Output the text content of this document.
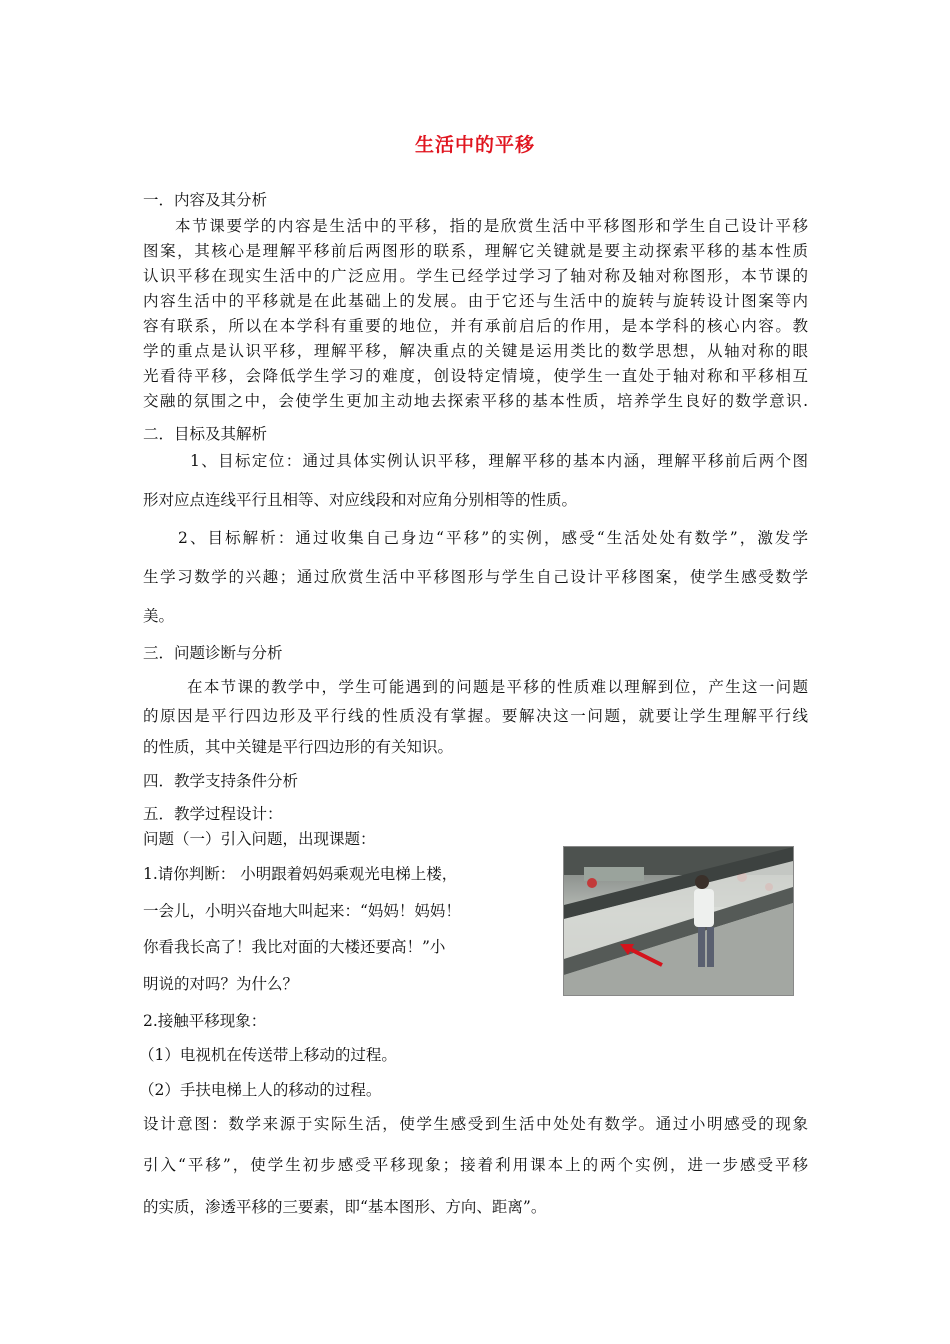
生活中的平移
一．内容及其分析
本节课要学的内容是生活中的平移，指的是欣赏生活中平移图形和学生自己设计平移
图案，其核心是理解平移前后两图形的联系，理解它关键就是要主动探索平移的基本性质
认识平移在现实生活中的广泛应用。学生已经学过学习了轴对称及轴对称图形，本节课的
内容生活中的平移就是在此基础上的发展。由于它还与生活中的旋转与旋转设计图案等内
容有联系，所以在本学科有重要的地位，并有承前启后的作用，是本学科的核心内容。教
学的重点是认识平移，理解平移，解决重点的关键是运用类比的数学思想，从轴对称的眼
光看待平移，会降低学生学习的难度，创设特定情境，使学生一直处于轴对称和平移相互
交融的氛围之中，会使学生更加主动地去探索平移的基本性质，培养学生良好的数学意识.
二．目标及其解析
1、目标定位：通过具体实例认识平移，理解平移的基本内涵，理解平移前后两个图
形对应点连线平行且相等、对应线段和对应角分别相等的性质。
2、目标解析：通过收集自己身边“平移”的实例，感受“生活处处有数学”，激发学
生学习数学的兴趣；通过欣赏生活中平移图形与学生自己设计平移图案，使学生感受数学
美。
三．问题诊断与分析
在本节课的教学中，学生可能遇到的问题是平移的性质难以理解到位，产生这一问题
的原因是平行四边形及平行线的性质没有掌握。要解决这一问题，就要让学生理解平行线
的性质，其中关键是平行四边形的有关知识。
四．教学支持条件分析
五．教学过程设计：
问题（一）引入问题，出现课题：
1.请你判断： 小明跟着妈妈乘观光电梯上楼，
一会儿，小明兴奋地大叫起来：“妈妈！妈妈！
你看我长高了！我比对面的大楼还要高！”小
明说的对吗？为什么？
2.接触平移现象：
（1）电视机在传送带上移动的过程。
（2）手扶电梯上人的移动的过程。
设计意图：数学来源于实际生活，使学生感受到生活中处处有数学。通过小明感受的现象
引入“平移”，使学生初步感受平移现象；接着利用课本上的两个实例，进一步感受平移
的实质，渗透平移的三要素，即“基本图形、方向、距离”。
